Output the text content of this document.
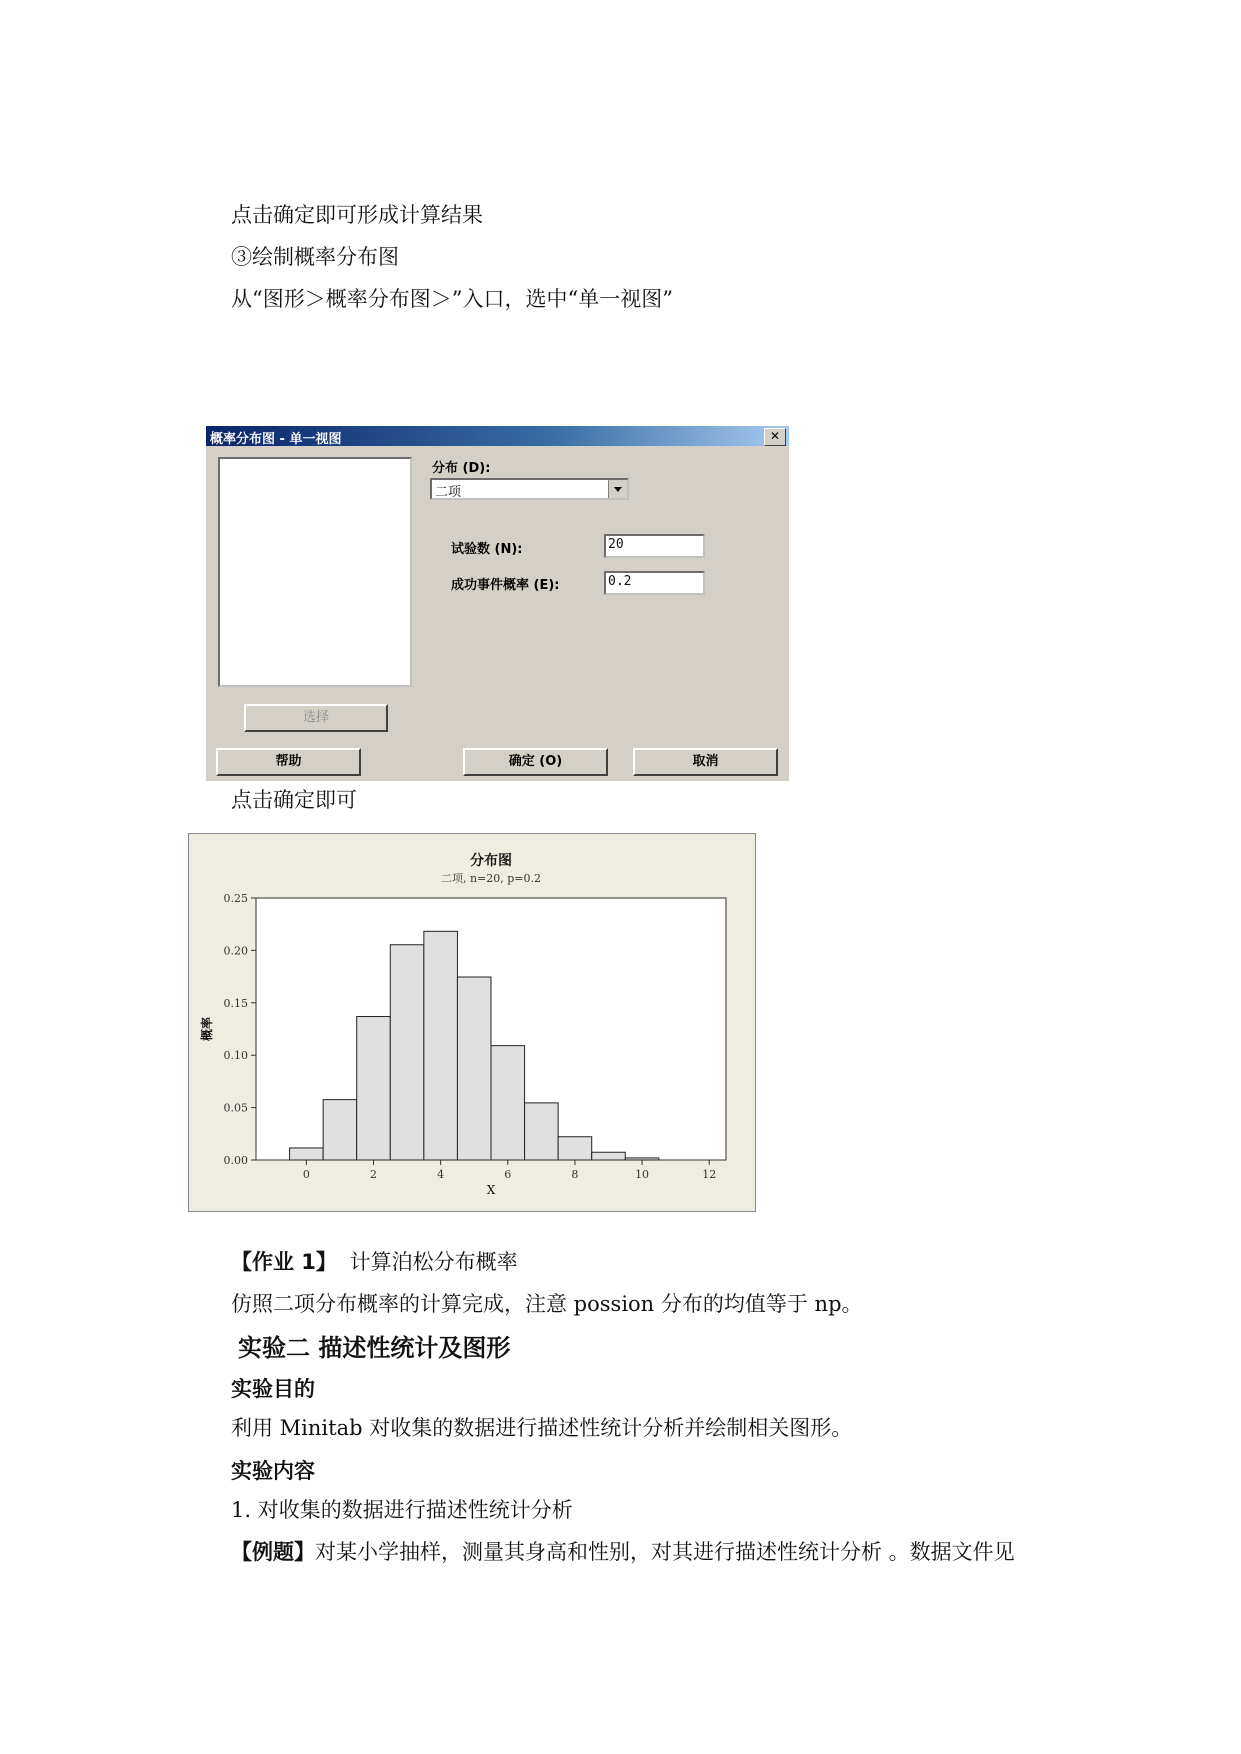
点击确定即可形成计算结果
③绘制概率分布图
从“图形＞概率分布图＞”入口，选中“单一视图”
概率分布图 - 单一视图	✕
分布 (D):
二项
试验数 (N):	20
成功事件概率 (E):	0.2
选择
帮助	确定 (O)	取消
点击确定即可
分布图
二项, n=20, p=0.2
0.00
0.05
0.10
0.15
0.20
0.25
0	2	4	6	8	10	12
X
概率
【作业 1】 计算泊松分布概率
仿照二项分布概率的计算完成，注意 possion 分布的均值等于 np。
实验二 描述性统计及图形
实验目的
利用 Minitab 对收集的数据进行描述性统计分析并绘制相关图形。
实验内容
1. 对收集的数据进行描述性统计分析
【例题】对某小学抽样，测量其身高和性别，对其进行描述性统计分析 。数据文件见
